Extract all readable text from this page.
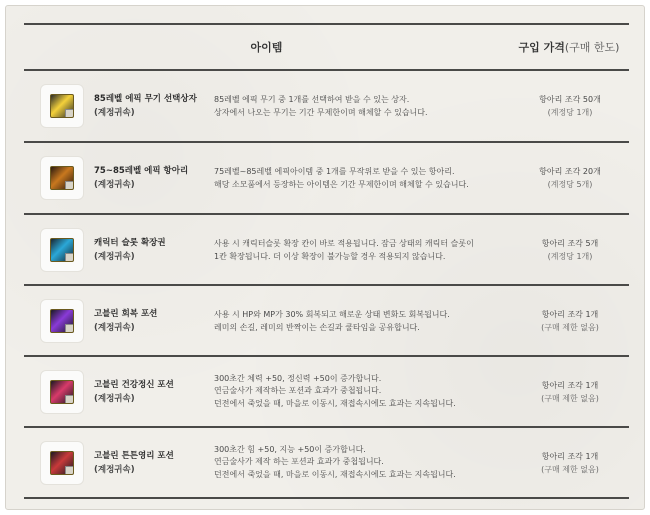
아이템	구입 가격(구매 한도)
85레벨 에픽 무기 선택상자
(계정귀속)
85레벨 에픽 무기 중 1개를 선택하여 받을 수 있는 상자.
상자에서 나오는 무기는 기간 무제한이며 해체할 수 있습니다.
항아리 조각 50개
(계정당 1개)
75~85레벨 에픽 항아리
(계정귀속)
75레벨~85레벨 에픽아이템 중 1개를 무작위로 받을 수 있는 항아리.
해당 소모품에서 등장하는 아이템은 기간 무제한이며 해체할 수 있습니다.
항아리 조각 20개
(계정당 5개)
캐릭터 슬롯 확장권
(계정귀속)
사용 시 캐릭터슬롯 확장 칸이 바로 적용됩니다. 잠금 상태의 캐릭터 슬롯이
1칸 확장됩니다. 더 이상 확장이 불가능할 경우 적용되지 않습니다.
항아리 조각 5개
(계정당 1개)
고블린 회복 포션
(계정귀속)
사용 시 HP와 MP가 30% 회복되고 해로운 상태 변화도 회복됩니다.
레미의 손길, 레미의 반짝이는 손길과 쿨타임을 공유합니다.
항아리 조각 1개
(구매 제한 없음)
고블린 건강정신 포션
(계정귀속)
300초간 체력 +50, 정신력 +50이 증가합니다.
연금술사가 제작하는 포션과 효과가 중첩됩니다.
던전에서 죽었을 때, 마을로 이동시, 재접속시에도 효과는 지속됩니다.
항아리 조각 1개
(구매 제한 없음)
고블린 튼튼영리 포션
(계정귀속)
300초간 힘 +50, 지능 +50이 증가합니다.
연금술사가 제작 하는 포션과 효과가 중첩됩니다.
던전에서 죽었을 때, 마을로 이동시, 재접속시에도 효과는 지속됩니다.
항아리 조각 1개
(구매 제한 없음)
